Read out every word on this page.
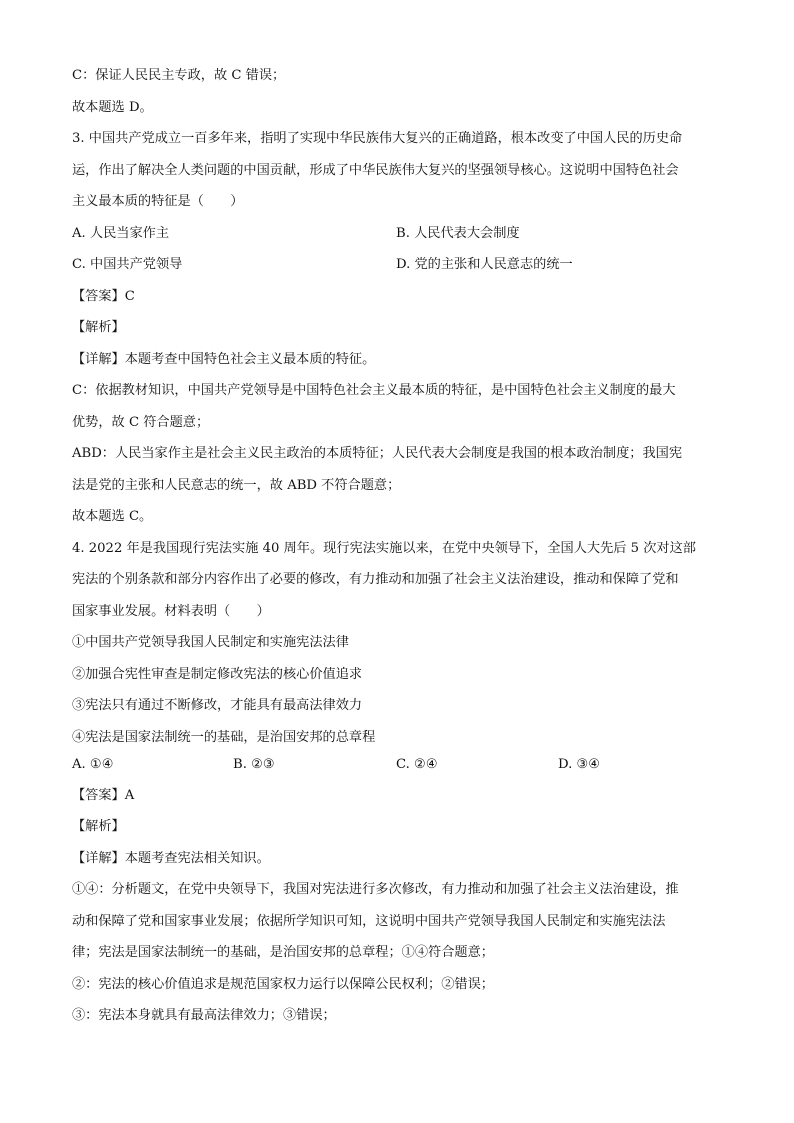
C：保证人民民主专政，故 C 错误；
故本题选 D。
3. 中国共产党成立一百多年来，指明了实现中华民族伟大复兴的正确道路，根本改变了中国人民的历史命
运，作出了解决全人类问题的中国贡献，形成了中华民族伟大复兴的坚强领导核心。这说明中国特色社会
主义最本质的特征是（　　）
A. 人民当家作主	B. 人民代表大会制度
C. 中国共产党领导	D. 党的主张和人民意志的统一
【答案】C
【解析】
【详解】本题考查中国特色社会主义最本质的特征。
C：依据教材知识，中国共产党领导是中国特色社会主义最本质的特征，是中国特色社会主义制度的最大
优势，故 C 符合题意；
ABD：人民当家作主是社会主义民主政治的本质特征；人民代表大会制度是我国的根本政治制度；我国宪
法是党的主张和人民意志的统一，故 ABD 不符合题意；
故本题选 C。
4. 2022 年是我国现行宪法实施 40 周年。现行宪法实施以来，在党中央领导下，全国人大先后 5 次对这部
宪法的个别条款和部分内容作出了必要的修改，有力推动和加强了社会主义法治建设，推动和保障了党和
国家事业发展。材料表明（　　）
①中国共产党领导我国人民制定和实施宪法法律
②加强合宪性审查是制定修改宪法的核心价值追求
③宪法只有通过不断修改，才能具有最高法律效力
④宪法是国家法制统一的基础，是治国安邦的总章程
A. ①④	B. ②③	C. ②④	D. ③④
【答案】A
【解析】
【详解】本题考查宪法相关知识。
①④：分析题文，在党中央领导下，我国对宪法进行多次修改，有力推动和加强了社会主义法治建设，推
动和保障了党和国家事业发展；依据所学知识可知，这说明中国共产党领导我国人民制定和实施宪法法
律；宪法是国家法制统一的基础，是治国安邦的总章程；①④符合题意；
②：宪法的核心价值追求是规范国家权力运行以保障公民权利；②错误；
③：宪法本身就具有最高法律效力；③错误；
